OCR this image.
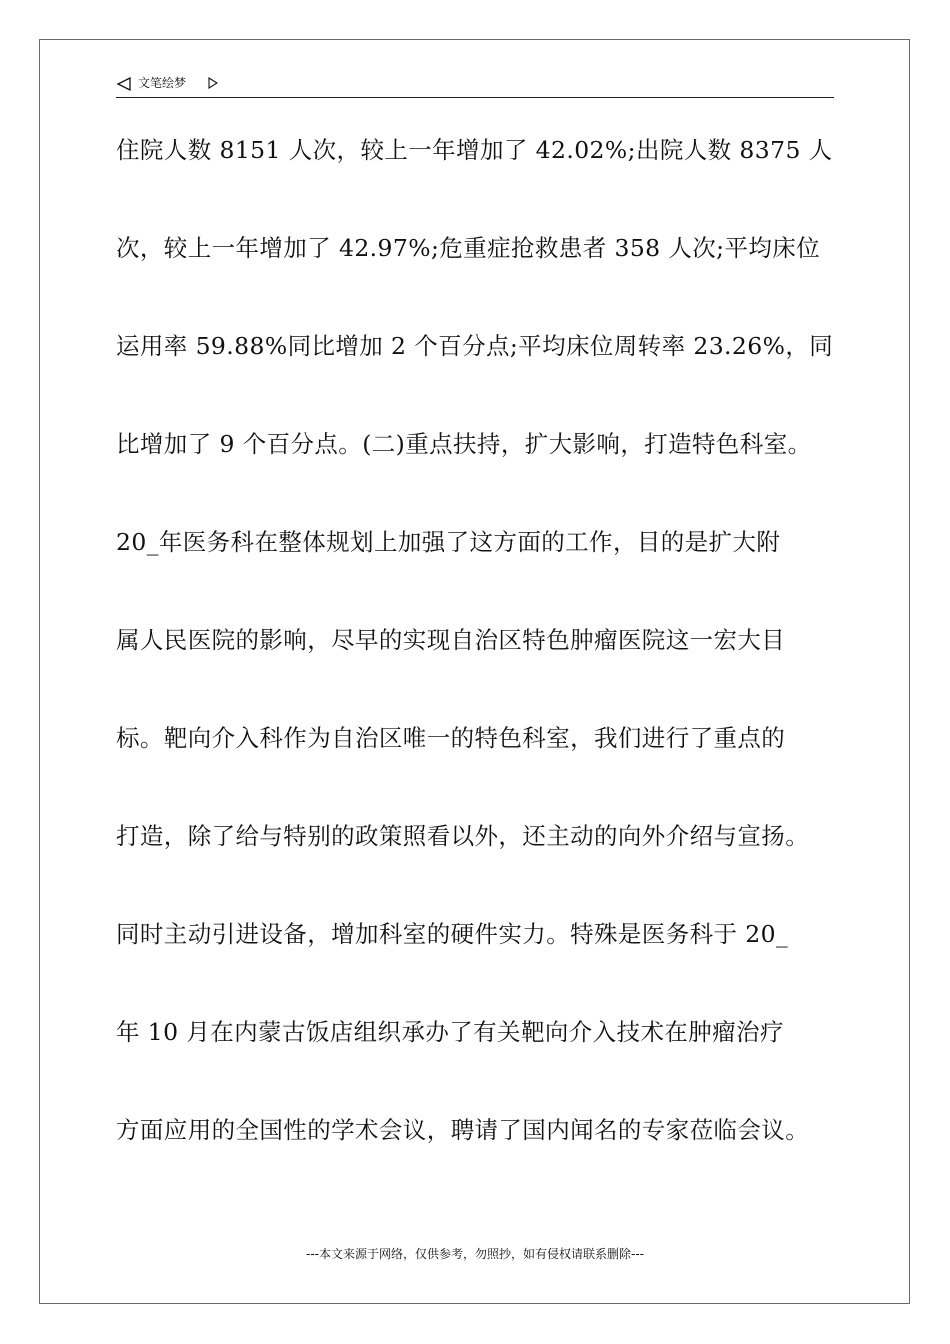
文笔绘梦
住院人数 8151 人次，较上一年增加了 42.02%;出院人数 8375 人
次，较上一年增加了 42.97%;危重症抢救患者 358 人次;平均床位
运用率 59.88%同比增加 2 个百分点;平均床位周转率 23.26%，同
比增加了 9 个百分点。(二)重点扶持，扩大影响，打造特色科室。
20_年医务科在整体规划上加强了这方面的工作，目的是扩大附
属人民医院的影响，尽早的实现自治区特色肿瘤医院这一宏大目
标。靶向介入科作为自治区唯一的特色科室，我们进行了重点的
打造，除了给与特别的政策照看以外，还主动的向外介绍与宣扬。
同时主动引进设备，增加科室的硬件实力。特殊是医务科于 20_
年 10 月在内蒙古饭店组织承办了有关靶向介入技术在肿瘤治疗
方面应用的全国性的学术会议，聘请了国内闻名的专家莅临会议。
---本文来源于网络，仅供参考，勿照抄，如有侵权请联系删除---
